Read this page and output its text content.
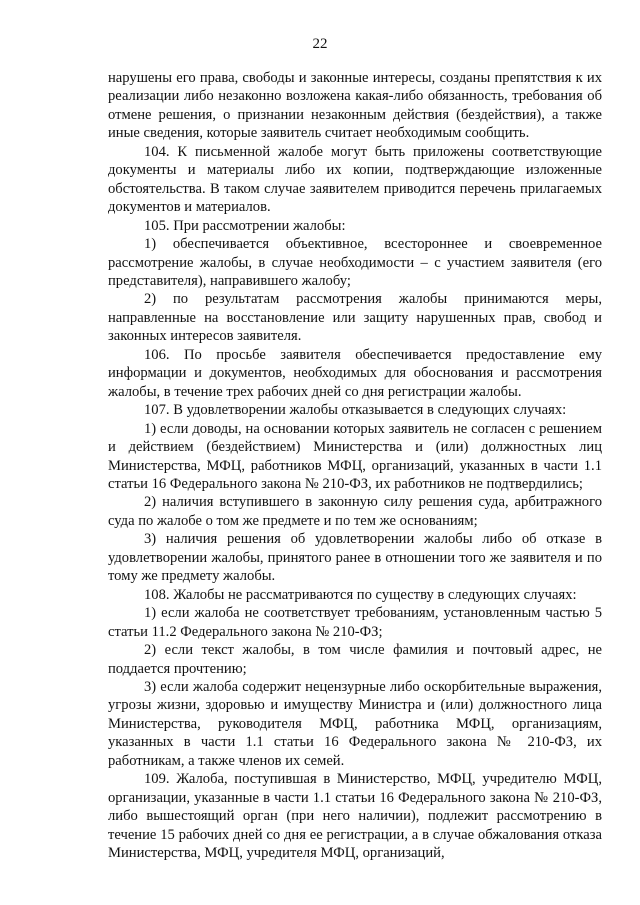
22

нарушены его права, свободы и законные интересы, созданы препятствия к их реализации либо незаконно возложена какая-либо обязанность, требования об отмене решения, о признании незаконным действия (бездействия), а также иные сведения, которые заявитель считает необходимым сообщить.

104. К письменной жалобе могут быть приложены соответствующие документы и материалы либо их копии, подтверждающие изложенные обстоятельства. В таком случае заявителем приводится перечень прилагаемых документов и материалов.

105. При рассмотрении жалобы:

1) обеспечивается объективное, всестороннее и своевременное рассмотрение жалобы, в случае необходимости – с участием заявителя (его представителя), направившего жалобу;

2) по результатам рассмотрения жалобы принимаются меры, направленные на восстановление или защиту нарушенных прав, свобод и законных интересов заявителя.

106. По просьбе заявителя обеспечивается предоставление ему информации и документов, необходимых для обоснования и рассмотрения жалобы, в течение трех рабочих дней со дня регистрации жалобы.

107. В удовлетворении жалобы отказывается в следующих случаях:

1) если доводы, на основании которых заявитель не согласен с решением и действием (бездействием) Министерства и (или) должностных лиц Министерства, МФЦ, работников МФЦ, организаций, указанных в части 1.1 статьи 16 Федерального закона № 210-ФЗ, их работников не подтвердились;

2) наличия вступившего в законную силу решения суда, арбитражного суда по жалобе о том же предмете и по тем же основаниям;

3) наличия решения об удовлетворении жалобы либо об отказе в удовлетворении жалобы, принятого ранее в отношении того же заявителя и по тому же предмету жалобы.

108. Жалобы не рассматриваются по существу в следующих случаях:

1) если жалоба не соответствует требованиям, установленным частью 5 статьи 11.2 Федерального закона № 210-ФЗ;

2) если текст жалобы, в том числе фамилия и почтовый адрес, не поддается прочтению;

3) если жалоба содержит нецензурные либо оскорбительные выражения, угрозы жизни, здоровью и имуществу Министра и (или) должностного лица Министерства, руководителя МФЦ, работника МФЦ, организациям, указанных в части 1.1 статьи 16 Федерального закона № 210-ФЗ, их работникам, а также членов их семей.

109. Жалоба, поступившая в Министерство, МФЦ, учредителю МФЦ, организации, указанные в части 1.1 статьи 16 Федерального закона № 210-ФЗ, либо вышестоящий орган (при него наличии), подлежит рассмотрению в течение 15 рабочих дней со дня ее регистрации, а в случае обжалования отказа Министерства, МФЦ, учредителя МФЦ, организаций,
